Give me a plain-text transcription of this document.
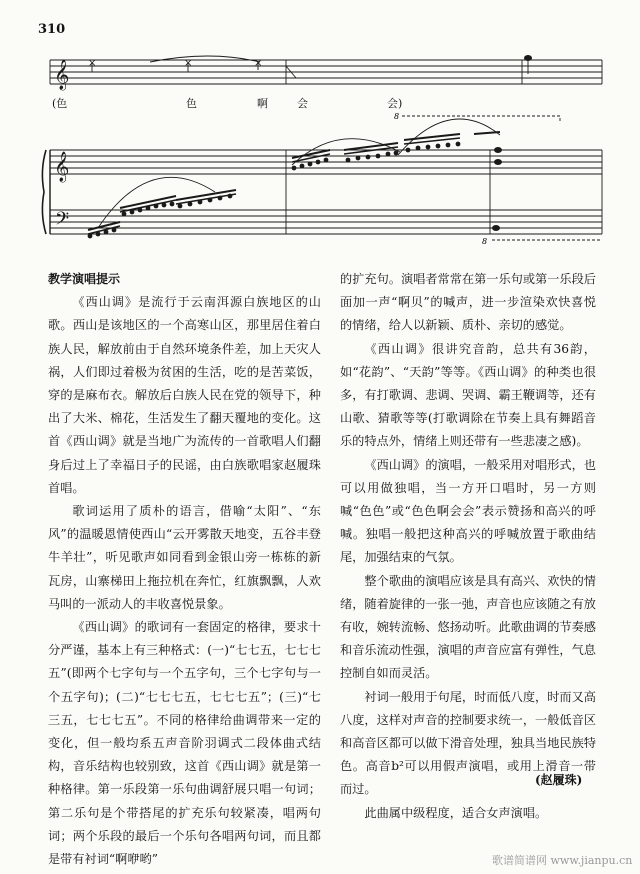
310
𝄞
𝄞
𝄢
×	×	×
8
8
(色	色	啊	会	会)

教学演唱提示

《西山调》是流行于云南洱源白族地区的山歌。西山是该地区的一个高寒山区，那里居住着白族人民，解放前由于自然环境条件差，加上天灾人祸，人们即过着极为贫困的生活，吃的是苦菜饭，穿的是麻布衣。解放后白族人民在党的领导下，种出了大米、棉花，生活发生了翻天覆地的变化。这首《西山调》就是当地广为流传的一首歌唱人们翻身后过上了幸福日子的民谣，由白族歌唱家赵履珠首唱。

歌词运用了质朴的语言，借喻“太阳”、“东风”的温暖恩情使西山“云开雾散天地变，五谷丰登牛羊壮”，听见歌声如同看到金银山旁一栋栋的新瓦房，山寨梯田上拖拉机在奔忙，红旗飘飘，人欢马叫的一派动人的丰收喜悦景象。

《西山调》的歌词有一套固定的格律，要求十分严谨，基本上有三种格式：(一)“七七五，七七七五”(即两个七字句与一个五字句，三个七字句与一个五字句)；(二)“七七七五，七七七五”；(三)“七三五，七七七五”。不同的格律给曲调带来一定的变化，但一般均系五声音阶羽调式二段体曲式结构，音乐结构也较别致，这首《西山调》就是第一种格律。第一乐段第一乐句曲调舒展只唱一句词；第二乐句是个带搭尾的扩充乐句较紧凑，唱两句词；两个乐段的最后一个乐句各唱两句词，而且都是带有衬词“啊咿哟”

的扩充句。演唱者常常在第一乐句或第一乐段后面加一声“啊贝”的喊声，进一步渲染欢快喜悦的情绪，给人以新颖、质朴、亲切的感觉。

《西山调》很讲究音韵，总共有36韵，如“花韵”、“天韵”等等。《西山调》的种类也很多，有打歌调、悲调、哭调、霸王鞭调等，还有山歌、猜歌等等(打歌调除在节奏上具有舞蹈音乐的特点外，情绪上则还带有一些悲凄之感)。

《西山调》的演唱，一般采用对唱形式，也可以用做独唱，当一方开口唱时，另一方则喊“色色”或“色色啊会会”表示赞扬和高兴的呼喊。独唱一般把这种高兴的呼喊放置于歌曲结尾，加强结束的气氛。

整个歌曲的演唱应该是具有高兴、欢快的情绪，随着旋律的一张一弛，声音也应该随之有放有收，婉转流畅、悠扬动听。此歌曲调的节奏感和音乐流动性强，演唱的声音应富有弹性，气息控制自如而灵活。

衬词一般用于句尾，时而低八度，时而又高八度，这样对声音的控制要求统一，一般低音区和高音区都可以做下滑音处理，独具当地民族特色。高音b²可以用假声演唱，或用上滑音一带而过。

此曲属中级程度，适合女声演唱。

(赵履珠)
歌谱简谱网 www.jianpu.cn
